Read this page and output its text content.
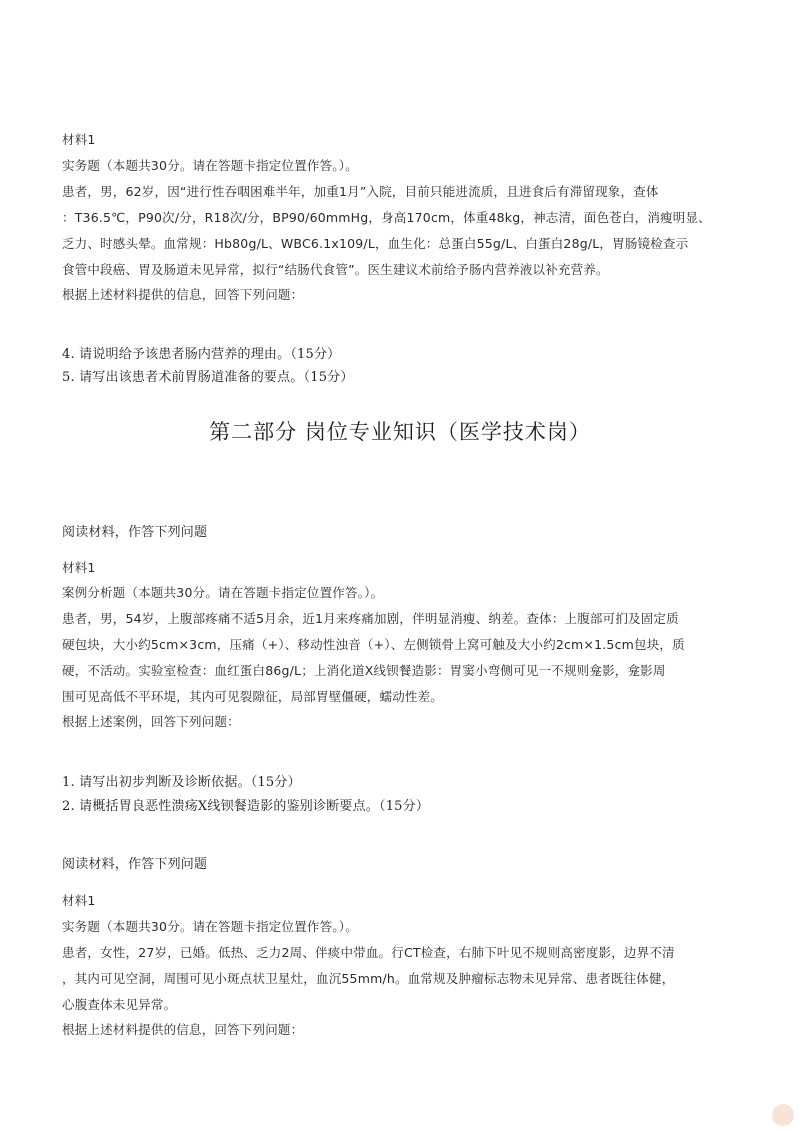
材料1
实务题（本题共30分。请在答题卡指定位置作答。）。
患者，男，62岁，因“进行性吞咽困难半年，加重1月”入院，目前只能进流质，且进食后有滞留现象，查体
：T36.5℃，P90次/分，R18次/分，BP90/60mmHg，身高170cm，体重48kg，神志清，面色苍白，消瘦明显、
乏力、时感头晕。血常规：Hb80g/L、WBC6.1x109/L，血生化：总蛋白55g/L、白蛋白28g/L，胃肠镜检查示
食管中段癌、胃及肠道未见异常，拟行“结肠代食管”。医生建议术前给予肠内营养液以补充营养。
根据上述材料提供的信息，回答下列问题：
4. 请说明给予该患者肠内营养的理由。（15分）
5. 请写出该患者术前胃肠道准备的要点。（15分）
第二部分 岗位专业知识（医学技术岗）
阅读材料，作答下列问题
材料1
案例分析题（本题共30分。请在答题卡指定位置作答。）。
患者，男，54岁，上腹部疼痛不适5月余，近1月来疼痛加剧，伴明显消瘦、纳差。查体：上腹部可扪及固定质
硬包块，大小约5cm×3cm，压痛（+）、移动性浊音（+）、左侧锁骨上窝可触及大小约2cm×1.5cm包块，质
硬，不活动。实验室检查：血红蛋白86g/L；上消化道X线钡餐造影：胃窦小弯侧可见一不规则龛影，龛影周
围可见高低不平环堤，其内可见裂隙征，局部胃壁僵硬，蠕动性差。
根据上述案例，回答下列问题：
1. 请写出初步判断及诊断依据。（15分）
2. 请概括胃良恶性溃疡X线钡餐造影的鉴别诊断要点。（15分）
阅读材料，作答下列问题
材料1
实务题（本题共30分。请在答题卡指定位置作答。）。
患者，女性，27岁，已婚。低热、乏力2周、伴痰中带血。行CT检查，右肺下叶见不规则高密度影，边界不清
，其内可见空洞，周围可见小斑点状卫星灶，血沉55mm/h。血常规及肿瘤标志物未见异常、患者既往体健，
心腹查体未见异常。
根据上述材料提供的信息，回答下列问题：
